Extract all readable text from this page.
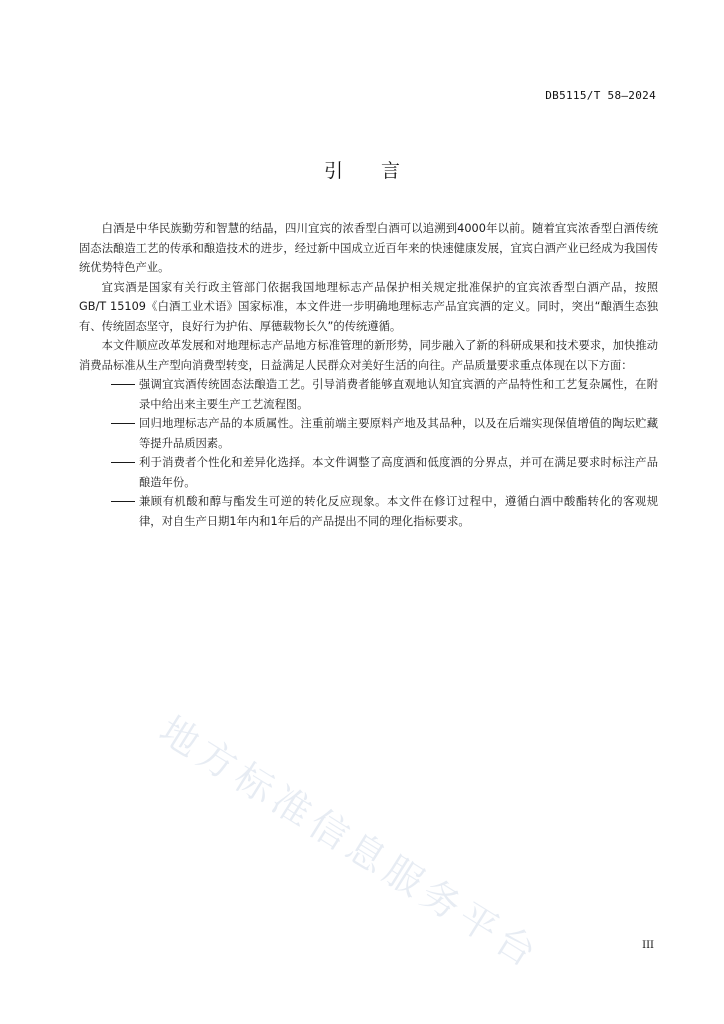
DB5115/T 58—2024
引言

白酒是中华民族勤劳和智慧的结晶，四川宜宾的浓香型白酒可以追溯到4000年以前。随着宜宾浓香型白酒传统固态法酿造工艺的传承和酿造技术的进步，经过新中国成立近百年来的快速健康发展，宜宾白酒产业已经成为我国传统优势特色产业。

宜宾酒是国家有关行政主管部门依据我国地理标志产品保护相关规定批准保护的宜宾浓香型白酒产品，按照GB/T 15109《白酒工业术语》国家标准，本文件进一步明确地理标志产品宜宾酒的定义。同时，突出“酿酒生态独有、传统固态坚守，良好行为护佑、厚德载物长久”的传统遵循。

本文件顺应改革发展和对地理标志产品地方标准管理的新形势，同步融入了新的科研成果和技术要求，加快推动消费品标准从生产型向消费型转变，日益满足人民群众对美好生活的向往。产品质量要求重点体现在以下方面：

强调宜宾酒传统固态法酿造工艺。引导消费者能够直观地认知宜宾酒的产品特性和工艺复杂属性，在附录中给出来主要生产工艺流程图。
回归地理标志产品的本质属性。注重前端主要原料产地及其品种，以及在后端实现保值增值的陶坛贮藏等提升品质因素。
利于消费者个性化和差异化选择。本文件调整了高度酒和低度酒的分界点，并可在满足要求时标注产品酿造年份。
兼顾有机酸和醇与酯发生可逆的转化反应现象。本文件在修订过程中，遵循白酒中酸酯转化的客观规律，对自生产日期1年内和1年后的产品提出不同的理化指标要求。
地方标准信息服务平台	III
